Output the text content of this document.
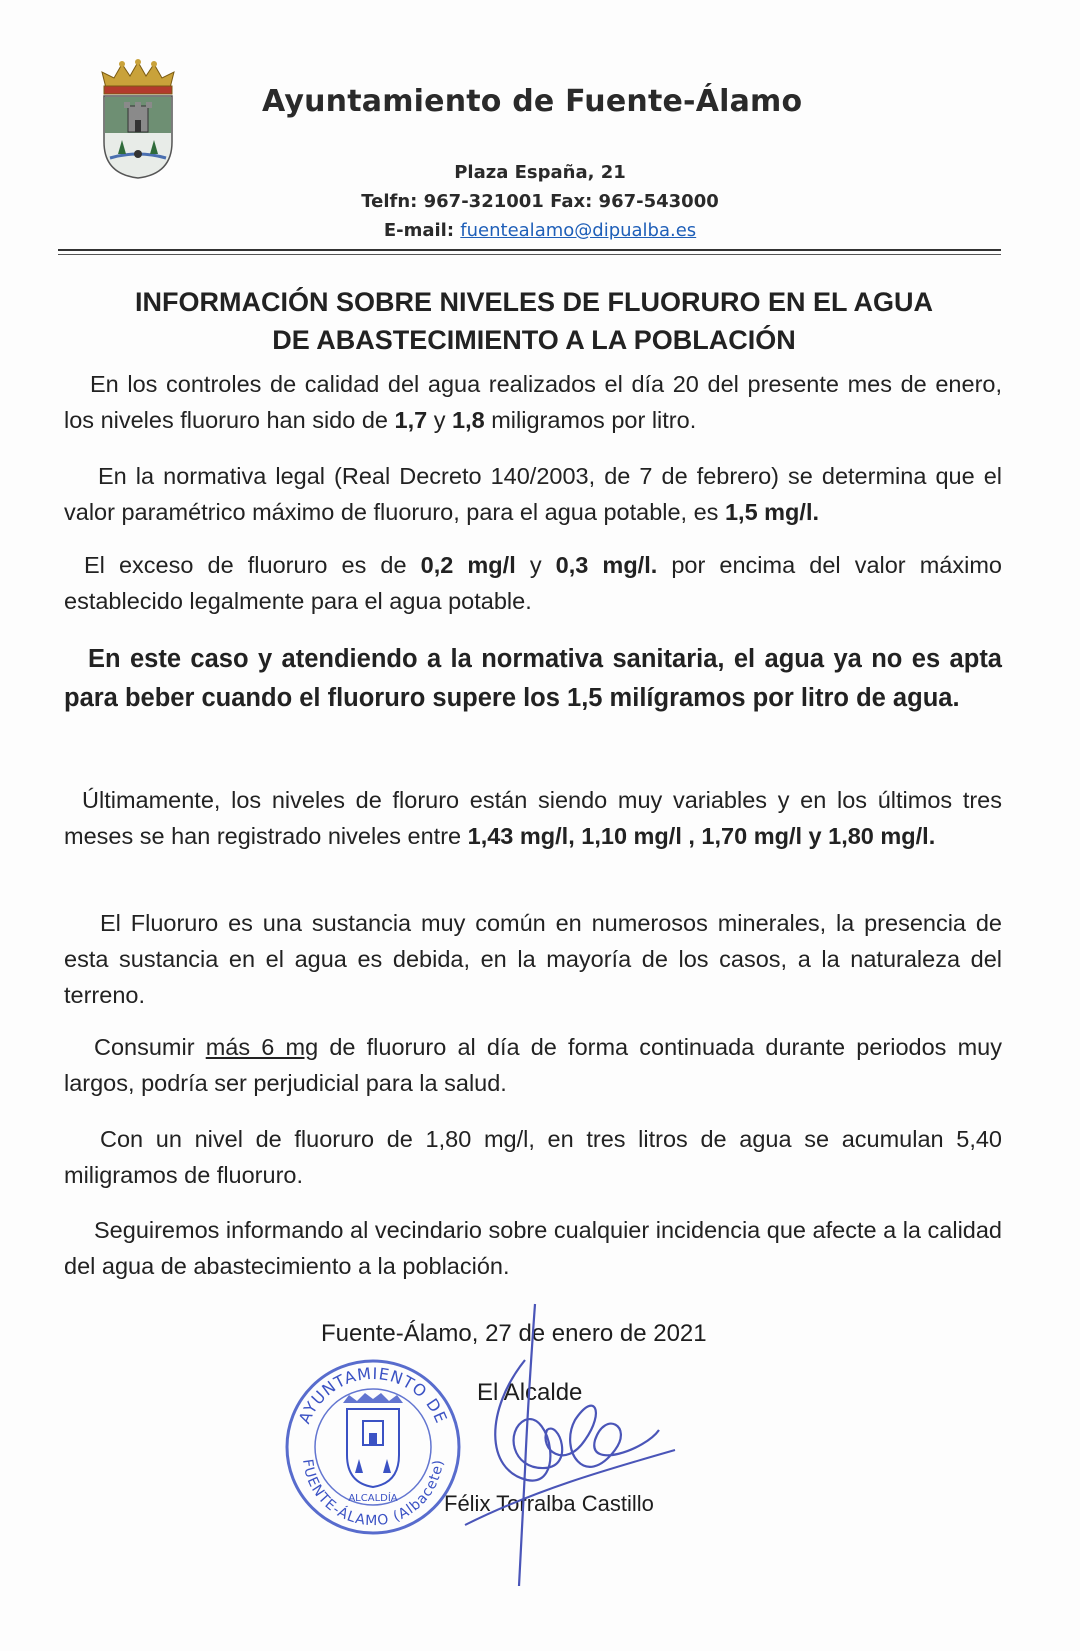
Ayuntamiento de Fuente-Álamo
Plaza España, 21
Telfn: 967-321001 Fax: 967-543000
E-mail: fuentealamo@dipualba.es
INFORMACIÓN SOBRE NIVELES DE FLUORURO EN EL AGUA
DE ABASTECIMIENTO A LA POBLACIÓN
En los controles de calidad del agua realizados el día 20 del presente mes de enero, los niveles fluoruro han sido de 1,7 y 1,8 miligramos por litro.
En la normativa legal (Real Decreto 140/2003, de 7 de febrero) se determina que el valor paramétrico máximo de fluoruro, para el agua potable, es 1,5 mg/l.
El exceso de fluoruro es de 0,2 mg/l y 0,3 mg/l. por encima del valor máximo establecido legalmente para el agua potable.
En este caso y atendiendo a la normativa sanitaria, el agua ya no es apta para beber cuando el fluoruro supere los 1,5 milígramos por litro de agua.
Últimamente, los niveles de floruro están siendo muy variables y en los últimos tres meses se han registrado niveles entre 1,43 mg/l, 1,10 mg/l , 1,70 mg/l y 1,80 mg/l.
El Fluoruro es una sustancia muy común en numerosos minerales, la presencia de esta sustancia en el agua es debida, en la mayoría de los casos, a la naturaleza del terreno.
Consumir más 6 mg de fluoruro al día de forma continuada durante periodos muy largos, podría ser perjudicial para la salud.
Con un nivel de fluoruro de 1,80 mg/l, en tres litros de agua se acumulan 5,40 miligramos de fluoruro.
Seguiremos informando al vecindario sobre cualquier incidencia que afecte a la calidad del agua de abastecimiento a la población.
Fuente-Álamo, 27 de enero de 2021
AYUNTAMIENTO DE
FUENTE-ÁLAMO (Albacete)
ALCALDÍA
El Alcalde
Félix Torralba Castillo
